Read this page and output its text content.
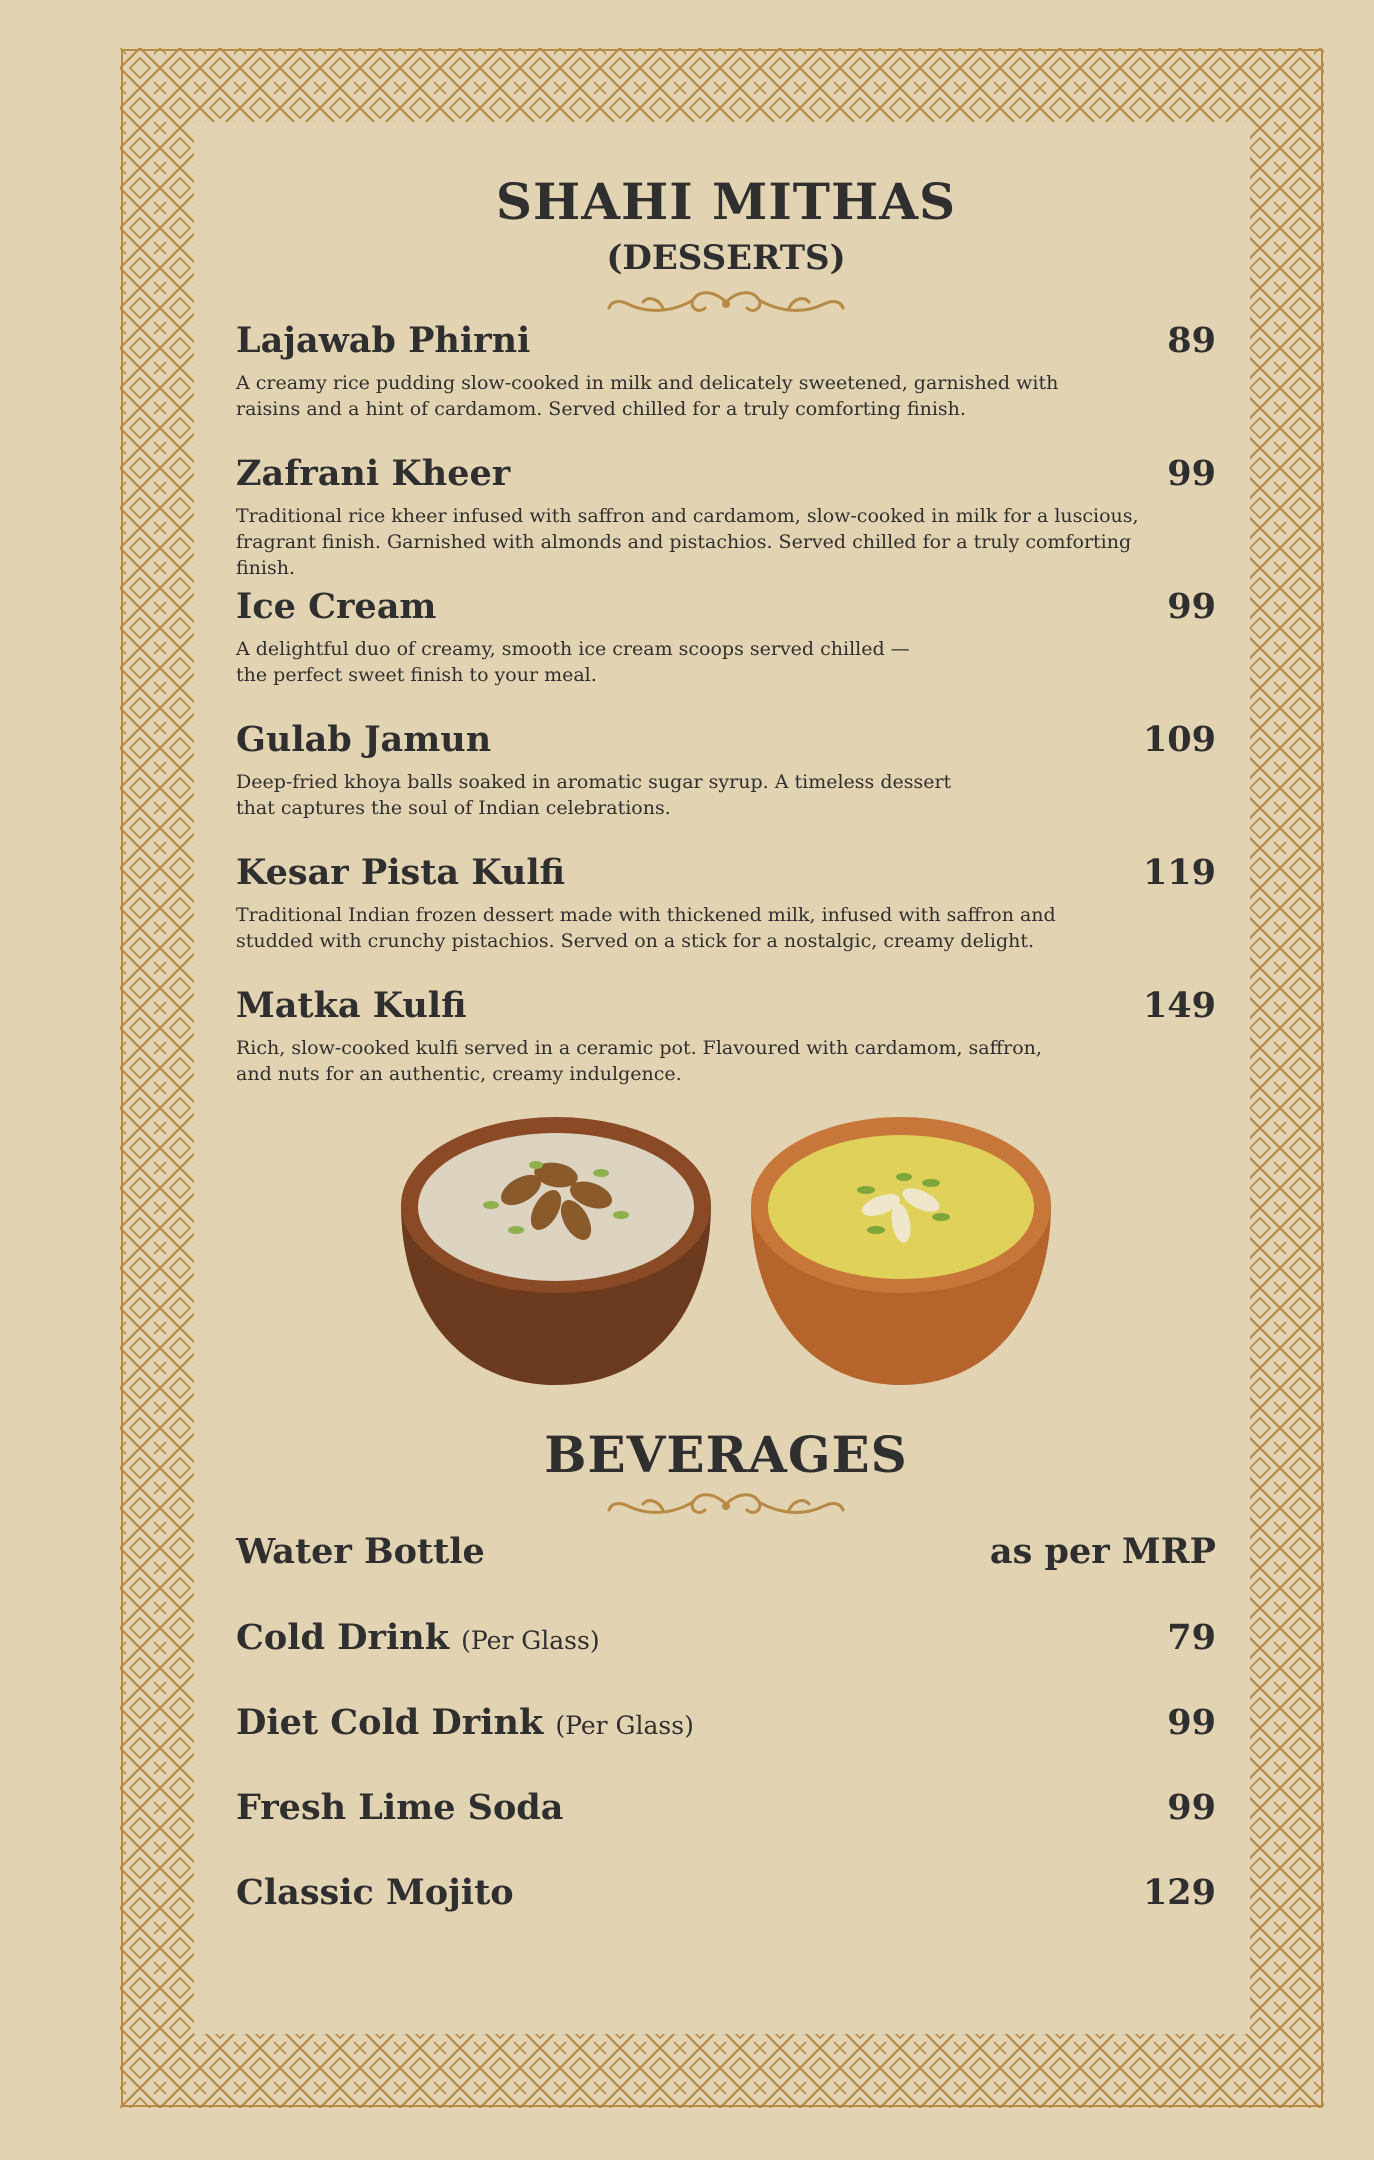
SHAHI MITHAS
(DESSERTS)
Lajawab Phirni	89
A creamy rice pudding slow-cooked in milk and delicately sweetened, garnished with
raisins and a hint of cardamom. Served chilled for a truly comforting finish.
Zafrani Kheer	99
Traditional rice kheer infused with saffron and cardamom, slow-cooked in milk for a luscious,
fragrant finish. Garnished with almonds and pistachios. Served chilled for a truly comforting finish.
Ice Cream	99
A delightful duo of creamy, smooth ice cream scoops served chilled —
the perfect sweet finish to your meal.
Gulab Jamun	109
Deep-fried khoya balls soaked in aromatic sugar syrup. A timeless dessert
that captures the soul of Indian celebrations.
Kesar Pista Kulfi	119
Traditional Indian frozen dessert made with thickened milk, infused with saffron and
studded with crunchy pistachios. Served on a stick for a nostalgic, creamy delight.
Matka Kulfi	149
Rich, slow-cooked kulfi served in a ceramic pot. Flavoured with cardamom, saffron,
and nuts for an authentic, creamy indulgence.
BEVERAGES
Water Bottle	as per MRP
Cold Drink (Per Glass)	79
Diet Cold Drink (Per Glass)	99
Fresh Lime Soda	99
Classic Mojito	129
